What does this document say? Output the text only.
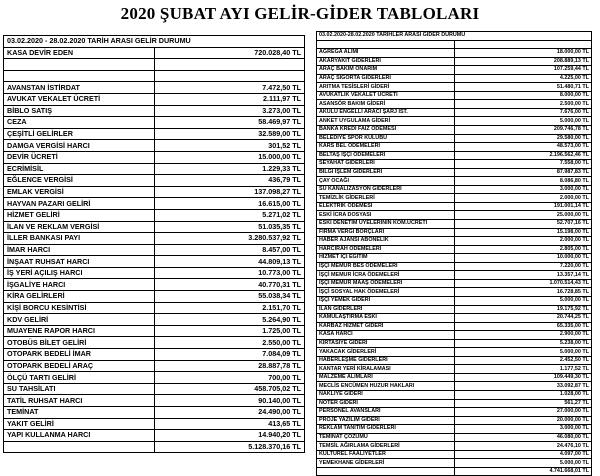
2020 ŞUBAT AYI GELİR-GİDER TABLOLARI
03.02.2020 - 28.02.2020 TARİH ARASI GELİR DURUMU	
KASA DEVİR EDEN	720.028,40 TL

AVANSTAN İSTİRDAT	7.472,50 TL
AVUKAT VEKALET ÜCRETİ	2.111,97 TL
BİBLO SATIŞ	3.273,00 TL
CEZA	58.469,97 TL
ÇEŞİTLİ GELİRLER	32.589,00 TL
DAMGA VERGİSİ HARCI	301,52 TL
DEVİR ÜCRETİ	15.000,00 TL
ECRİMİSİL	1.229,33 TL
EĞLENCE VERGİSİ	436,79 TL
EMLAK VERGİSİ	137.098,27 TL
HAYVAN PAZARI GELİRİ	16.615,00 TL
HİZMET GELİRİ	5.271,02 TL
İLAN VE REKLAM VERGİSİ	51.035,35 TL
İLLER BANKASI PAYI	3.280.537,92 TL
İMAR HARCI	8.457,00 TL
İNŞAAT RUHSAT HARCI	44.809,13 TL
İŞ YERİ AÇILIŞ HARCI	10.773,00 TL
İŞGALİYE HARCI	40.770,31 TL
KİRA GELİRLERİ	55.038,34 TL
KİŞİ BORCU KESİNTİSİ	2.151,70 TL
KDV GELİRİ	5.264,90 TL
MUAYENE RAPOR HARCI	1.725,00 TL
OTOBÜS BİLET GELİRİ	2.550,00 TL
OTOPARK BEDELİ İMAR	7.084,09 TL
OTOPARK BEDELİ ARAÇ	28.887,78 TL
ÖLÇÜ TARTI GELİRİ	700,00 TL
SU TAHSİLATI	458.705,02 TL
TATİL RUHSAT HARCI	90.140,00 TL
TEMİNAT	24.490,00 TL
YAKIT GELİRİ	413,65 TL
YAPI KULLANMA HARCI	14.940,20 TL
	5.128.370,16 TL
03.02.2020-28.02.2020 TARİHLER ARASI GİDER DURUMU	

AGREGA ALIMI	18.000,00 TL
AKARYAKIT GİDERLERİ	208.889,13 TL
ARAÇ BAKIM ONARIM	107.259,44 TL
ARAÇ SİGORTA GİDERLERİ	4.225,00 TL
ARITMA TESİSLERİ GİDERİ	51.480,71 TL
AVUKATLIK VEKALET ÜCRETİ	8.000,00 TL
ASANSÖR BAKIM GİDERİ	2.500,00 TL
AKÜLÜ ENGELLİ ARACI ŞARJ İST.	7.676,00 TL
ANKET UYGULAMA GİDERİ	5.000,00 TL
BANKA KREDİ FAİZ ÖDEMESİ	209.746,78 TL
BELEDİYE SPOR KULÜBÜ	29.580,00 TL
KARS BEL ÖDEMELERİ	48.573,00 TL
BELTAŞ İŞÇİ ÖDEMELERİ	2.196.562,46 TL
SEYAHAT GİDERLERİ	7.558,00 TL
BİLGİ İŞLEM GİDERLERİ	87.987,83 TL
ÇAY OCAĞI	8.086,80 TL
SU KANALİZASYON GİDERLERİ	3.000,00 TL
TEMİZLİK GİDERLERİ	2.000,00 TL
ELEKTRİK ÖDEMESİ	191.001,14 TL
ESKİ İCRA DOSYASI	25.000,00 TL
ESKİ DENETİM ÜYELERİNİN KOM.ÜCRETİ	52.707,16 TL
FİRMA VERGİ BORÇLARI	15.198,00 TL
HABER AJANSI ABONELİK	2.000,00 TL
HARCIRAH ÖDEMELERİ	2.805,00 TL
HİZMET İÇİ EĞİTİM	10.000,00 TL
İŞÇİ MEMUR BES ÖDEMELERİ	7.220,00 TL
İŞÇİ MEMUR İCRA ÖDEMELERİ	13.357,14 TL
İŞÇİ MEMUR MAAŞ ÖDEMELERİ	1.070.514,43 TL
İŞÇİ SOSYAL HAK ÖDEMELERİ	16.728,85 TL
İŞÇİ YEMEK GİDERİ	5.000,00 TL
İLAN GİDERLERİ	19.175,92 TL
KAMULAŞTIRMA ESKİ	20.744,25 TL
KARBAZ HİZMET GİDERİ	65.335,00 TL
KASA HARCI	2.900,00 TL
KİRTASİYE GİDERİ	5.238,00 TL
YAKACAK GİDERLERİ	5.000,00 TL
HABERLEŞME GİDERLERİ	2.452,50 TL
KANTAR YERİ KİRALAMASI	1.177,52 TL
MALZEME ALIMLARI	109.449,30 TL
MECLİS ENCÜMEN HUZUR HAKLARI	33.092,87 TL
NAKLİYE GİDERİ	1.028,00 TL
NOTER GİDERİ	561,27 TL
PERSONEL AVANSLARI	27.000,00 TL
PROJE YAZILIM GİDERİ	20.000,00 TL
REKLAM TANITIM GİDERLERİ	3.000,00 TL
TEMİNAT ÇÖZÜMÜ	46.080,00 TL
TEMSİL AĞIRLAMA GİDERLERİ	24.476,10 TL
KÜLTÜREL FAALİYETLER	4.097,00 TL
YEMEKHANE GİDERLERİ	5.000,00 TL
	4.741.668,01 TL
